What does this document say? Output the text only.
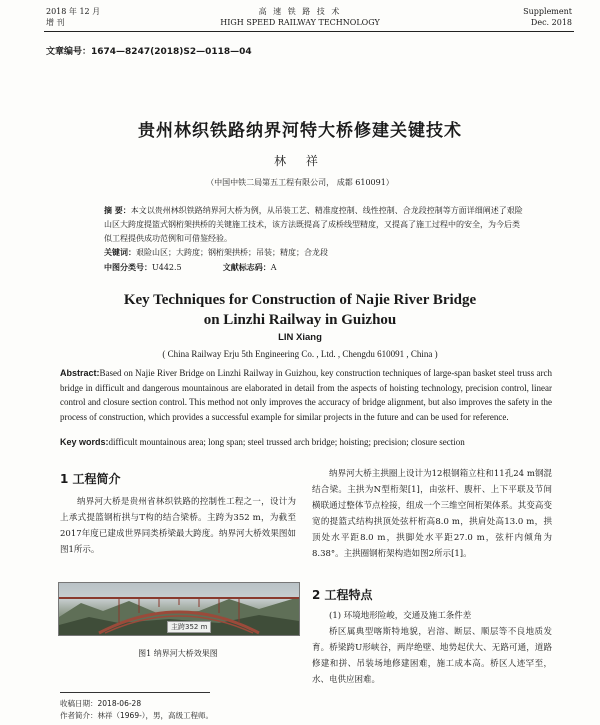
2018 年 12 月
增 刊
高 速 铁 路 技 术
HIGH SPEED RAILWAY TECHNOLOGY
Supplement
Dec. 2018
文章编号：1674—8247(2018)S2—0118—04
贵州林织铁路纳界河特大桥修建关键技术
林 祥
（中国中铁二局第五工程有限公司， 成都 610091）
摘 要：本文以贵州林织铁路纳界河大桥为例，从吊装工艺、精准度控制、线性控制、合龙段控制等方面详细阐述了艰险山区大跨度提篮式钢桁架拱桥的关键施工技术，该方法既提高了成桥线型精度，又提高了施工过程中的安全，为今后类似工程提供成功范例和可借鉴经验。
关键词：艰险山区；大跨度；钢桁架拱桥；吊装；精度；合龙段
中图分类号：U442.5	文献标志码：A
Key Techniques for Construction of Najie River Bridge
on Linzhi Railway in Guizhou
LIN Xiang
( China Railway Erju 5th Engineering Co. , Ltd. , Chengdu 610091 , China )
Abstract:Based on Najie River Bridge on Linzhi Railway in Guizhou, key construction techniques of large-span basket steel truss arch bridge in difficult and dangerous mountainous are elaborated in detail from the aspects of hoisting technology, precision control, linear control and closure section control. This method not only improves the accuracy of bridge alignment, but also improves the safety in the process of construction, which provides a successful example for similar projects in the future and can be used for reference.
Key words:difficult mountainous area; long span; steel trussed arch bridge; hoisting; precision; closure section
1 工程简介
纳界河大桥是贵州省林织铁路的控制性工程之一，设计为上承式提篮钢桁拱与T构的结合梁桥。主跨为352 m，为截至2017年度已建成世界同类桥梁最大跨度。纳界河大桥效果图如图1所示。
主跨352 m
图1 纳界河大桥效果图
纳界河大桥主拱圈上设计为12根钢箱立柱和11孔24 m钢混结合梁。主拱为N型桁架[1]，由弦杆、腹杆、上下平联及节间横联通过整体节点栓接，组成一个三维空间桁架体系。其变高变宽的提篮式结构拱顶处弦杆桁高8.0 m，拱肩处高13.0 m，拱顶处水平距8.0 m，拱脚处水平距27.0 m，弦杆内倾角为8.38°。主拱圈钢桁架构造如图2所示[1]。
2 工程特点
(1) 环境地形险峻，交通及施工条件差
桥区属典型喀斯特地貌，岩溶、断层、顺层等不良地质发育。桥梁跨U形峡谷，两岸绝壁、地势起伏大、无路可通，道路修建和拼、吊装场地修建困难，施工成本高。桥区人迹罕至，水、电供应困难。
收稿日期：2018-06-28
作者简介：林祥（1969-），男，高级工程师。
